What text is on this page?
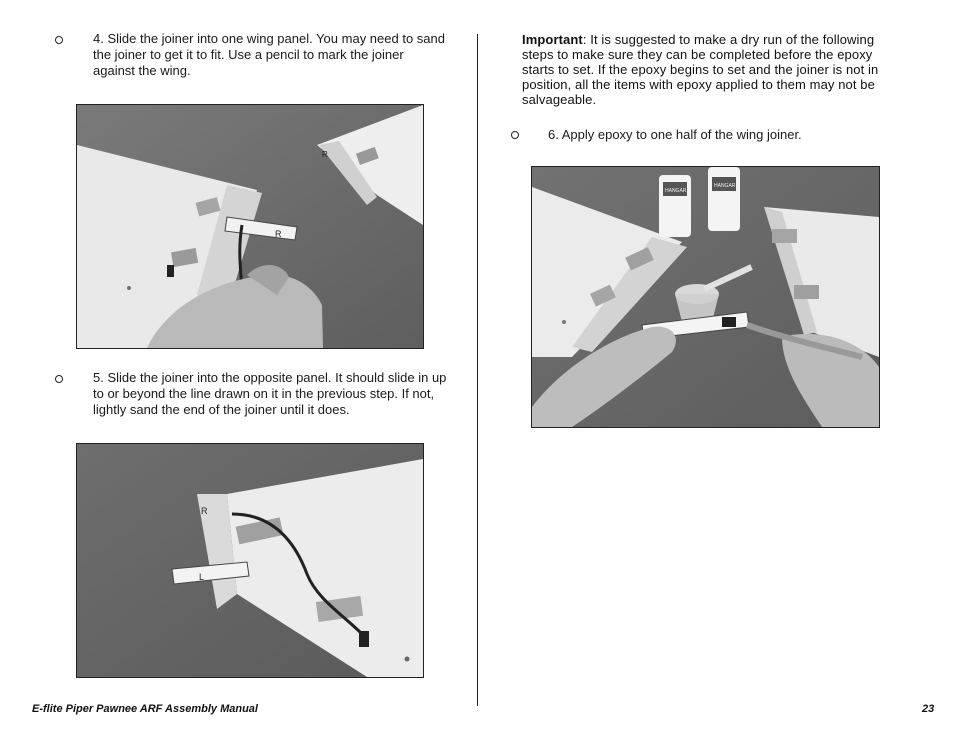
4. Slide the joiner into one wing panel. You may need to sand the joiner to get it to fit. Use a pencil to mark the joiner against the wing.
R
R
5. Slide the joiner into the opposite panel. It should slide in up to or beyond the line drawn on it in the previous step. If not, lightly sand the end of the joiner until it does.
R
L
Important: It is suggested to make a dry run of the following steps to make sure they can be completed before the epoxy starts to set. If the epoxy begins to set and the joiner is not in position, all the items with epoxy applied to them may not be salvageable.
6. Apply epoxy to one half of the wing joiner.
HANGAR
HANGAR
E-flite Piper Pawnee ARF Assembly Manual	23
